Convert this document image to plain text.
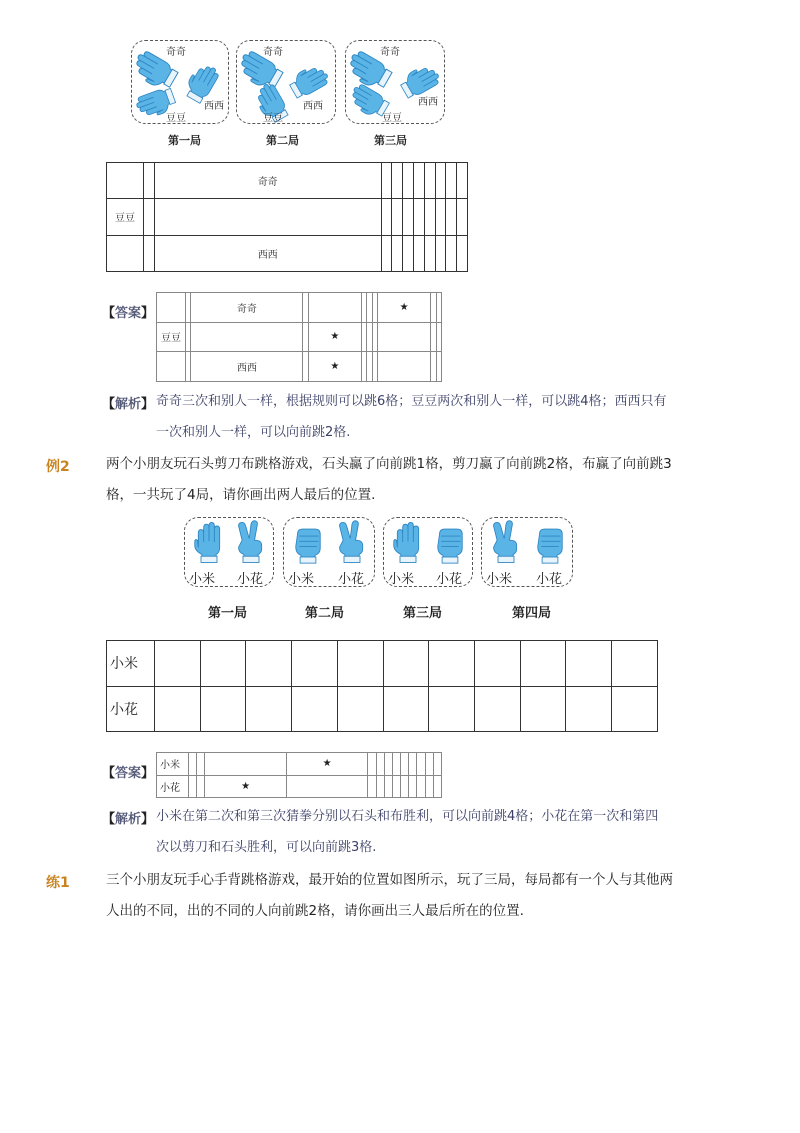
奇奇
西西
豆豆
第一局
奇奇
西西
豆豆
第二局
奇奇
西西
豆豆
第三局
		奇奇								
豆豆										
		西西								
【答案】
			奇奇						★		
豆豆				★						
		西西		★						
【解析】 奇奇三次和别人一样，根据规则可以跳6格；豆豆两次和别人一样，可以跳4格；西西只有
一次和别人一样，可以向前跳2格.
例2	两个小朋友玩石头剪刀布跳格游戏，石头赢了向前跳1格，剪刀赢了向前跳2格，布赢了向前跳3
格，一共玩了4局，请你画出两人最后的位置.
小米 小花
第一局
小米 小花
第二局
小米 小花
第三局
小米 小花
第四局
小米											
小花											
【答案】
小米				★									
小花			★										
【解析】 小米在第二次和第三次猜拳分别以石头和布胜利，可以向前跳4格；小花在第一次和第四
次以剪刀和石头胜利，可以向前跳3格.
练1	三个小朋友玩手心手背跳格游戏，最开始的位置如图所示，玩了三局，每局都有一个人与其他两
人出的不同，出的不同的人向前跳2格，请你画出三人最后所在的位置.
